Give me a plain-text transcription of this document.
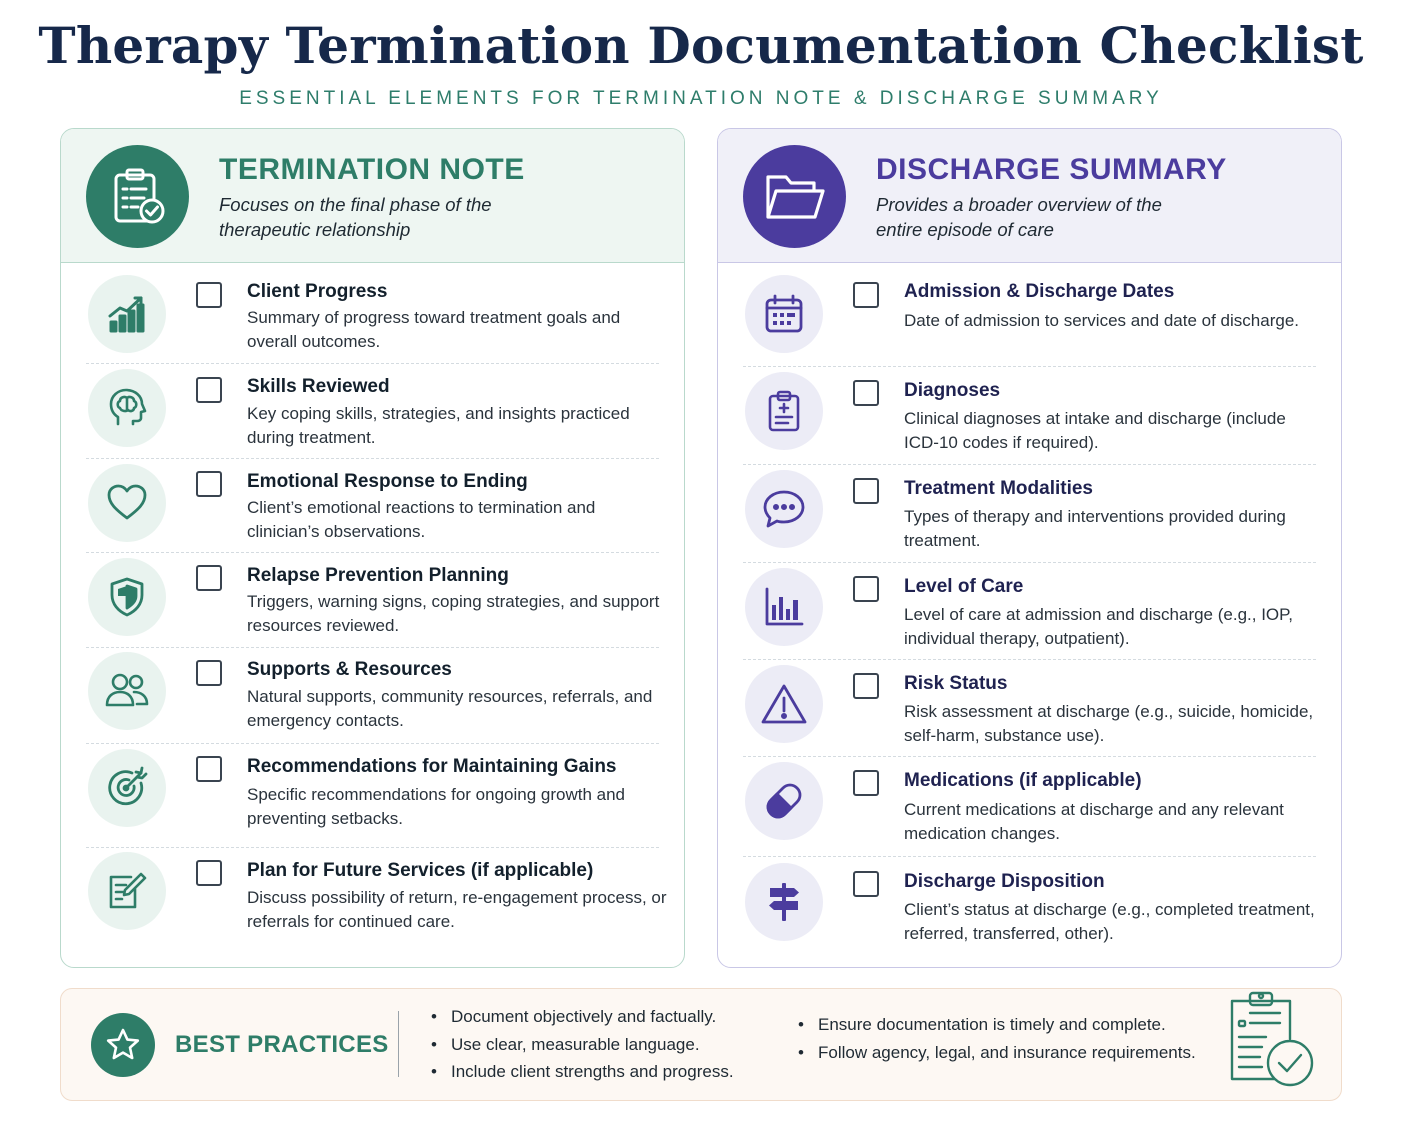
Therapy Termination Documentation Checklist
ESSENTIAL ELEMENTS FOR TERMINATION NOTE & DISCHARGE SUMMARY
TERMINATION NOTE
Focuses on the final phase of the therapeutic relationship
Client Progress
Summary of progress toward treatment goals and overall outcomes.
Skills Reviewed
Key coping skills, strategies, and insights practiced during treatment.
Emotional Response to Ending
Client’s emotional reactions to termination and clinician’s observations.
Relapse Prevention Planning
Triggers, warning signs, coping strategies, and support resources reviewed.
Supports & Resources
Natural supports, community resources, referrals, and emergency contacts.
Recommendations for Maintaining Gains
Specific recommendations for ongoing growth and preventing setbacks.
Plan for Future Services (if applicable)
Discuss possibility of return, re-engagement process, or referrals for continued care.
DISCHARGE SUMMARY
Provides a broader overview of the entire episode of care
Admission & Discharge Dates
Date of admission to services and date of discharge.
Diagnoses
Clinical diagnoses at intake and discharge (include ICD-10 codes if required).
Treatment Modalities
Types of therapy and interventions provided during treatment.
Level of Care
Level of care at admission and discharge (e.g., IOP, individual therapy, outpatient).
Risk Status
Risk assessment at discharge (e.g., suicide, homicide, self-harm, substance use).
Medications (if applicable)
Current medications at discharge and any relevant medication changes.
Discharge Disposition
Client’s status at discharge (e.g., completed treatment, referred, transferred, other).
BEST PRACTICES
• Document objectively and factually.
• Use clear, measurable language.
• Include client strengths and progress.
• Ensure documentation is timely and complete.
• Follow agency, legal, and insurance requirements.
